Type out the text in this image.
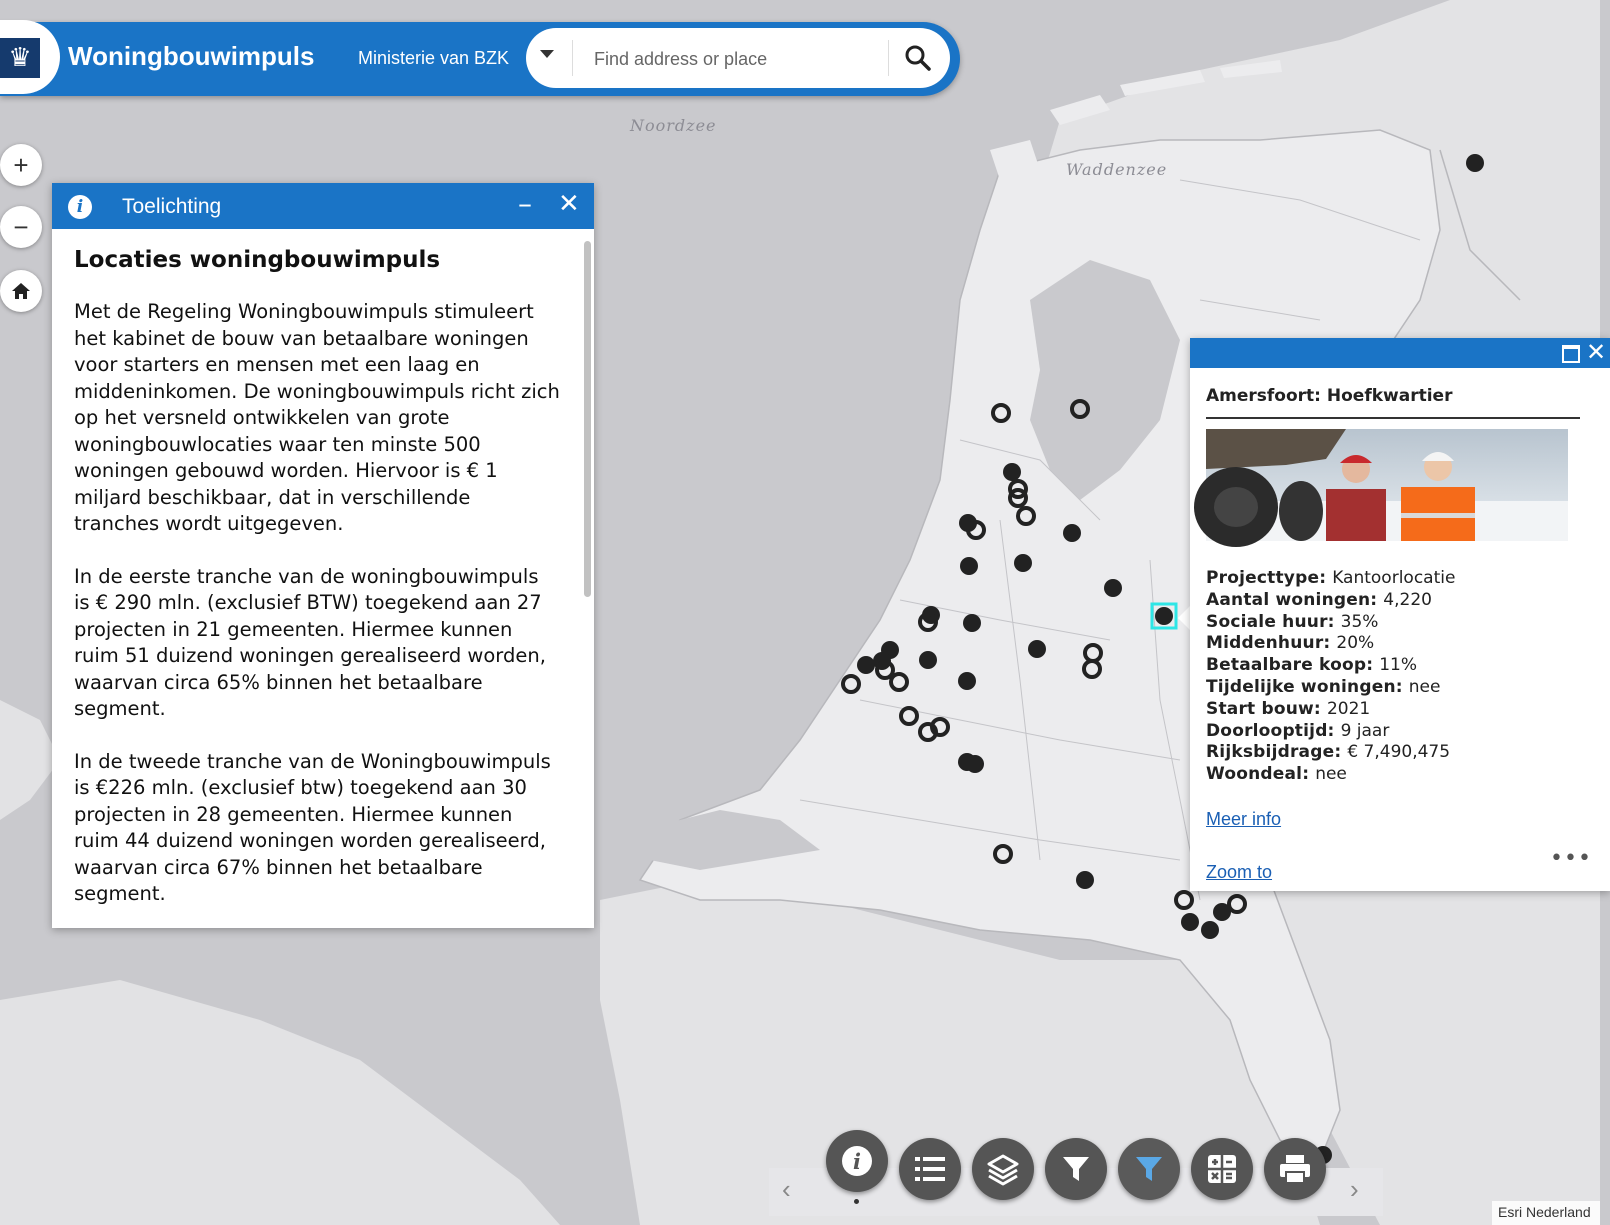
Noordzee
Waddenzee
♛	Woningbouwimpuls Ministerie van BZK
Find address or place
+
−
i	Toelichting	– ✕
Locaties woningbouwimpuls

Met de Regeling Woningbouwimpuls stimuleert het kabinet de bouw van betaalbare woningen voor starters en mensen met een laag en middeninkomen. De woningbouwimpuls richt zich op het versneld ontwikkelen van grote woningbouwlocaties waar ten minste 500 woningen gebouwd worden. Hiervoor is € 1 miljard beschikbaar, dat in verschillende tranches wordt uitgegeven.

In de eerste tranche van de woningbouwimpuls is € 290 mln. (exclusief BTW) toegekend aan 27 projecten in 21 gemeenten. Hiermee kunnen ruim 51 duizend woningen gerealiseerd worden, waarvan circa 65% binnen het betaalbare segment.

In de tweede tranche van de Woningbouwimpuls is €226 mln. (exclusief btw) toegekend aan 30 projecten in 28 gemeenten. Hiermee kunnen ruim 44 duizend woningen worden gerealiseerd, waarvan circa 67% binnen het betaalbare segment.

✕
Amersfoort: Hoefkwartier
Projecttype: Kantoorlocatie
Aantal woningen: 4,220
Sociale huur: 35%
Middenhuur: 20%
Betaalbare koop: 11%
Tijdelijke woningen: nee
Start bouw: 2021
Doorlooptijd: 9 jaar
Rijksbijdrage: € 7,490,475
Woondeal: nee
Meer info
Zoom to
•••
‹	›
i
Esri Nederland
